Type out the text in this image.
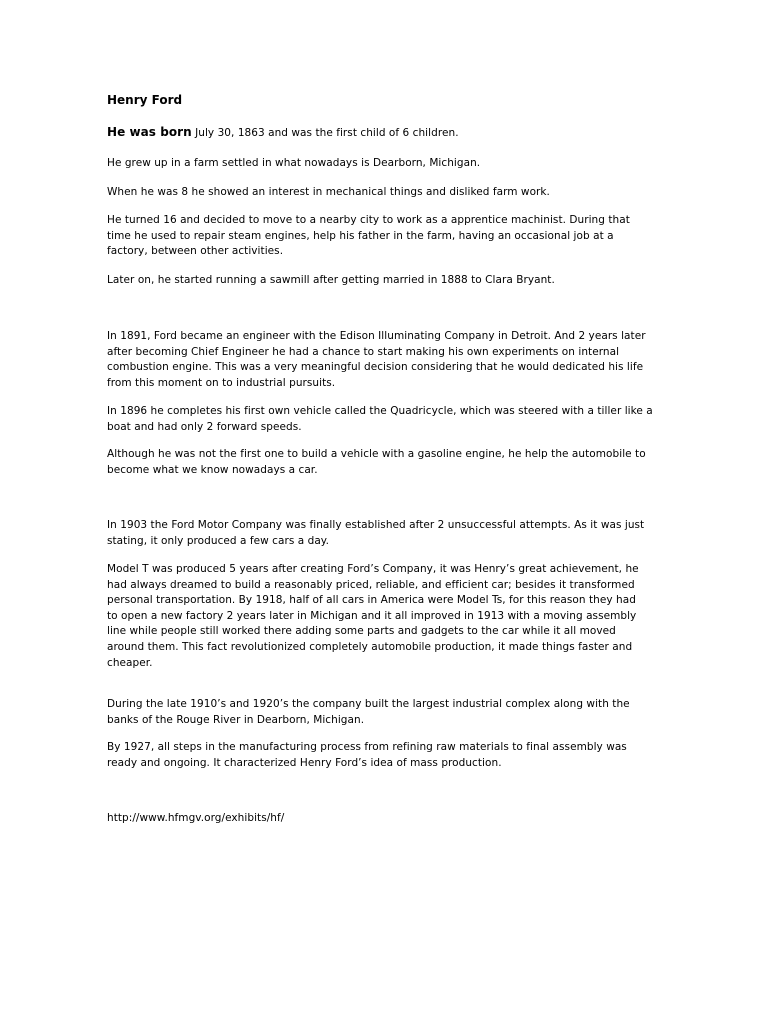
Henry Ford

He was born July 30, 1863 and was the first child of 6 children.

He grew up in a farm settled in what nowadays is Dearborn, Michigan.

When he was 8 he showed an interest in mechanical things and disliked farm work.

He turned 16 and decided to move to a nearby city to work as a apprentice machinist. During that time he used to repair steam engines, help his father in the farm, having an occasional job at a factory, between other activities.

Later on, he started running a sawmill after getting married in 1888 to Clara Bryant.

In 1891, Ford became an engineer with the Edison Illuminating Company in Detroit. And 2 years later after becoming Chief Engineer he had a chance to start making his own experiments on internal combustion engine. This was a very meaningful decision considering that he would dedicated his life from this moment on to industrial pursuits.

In 1896 he completes his first own vehicle called the Quadricycle, which was steered with a tiller like a boat and had only 2 forward speeds.

Although he was not the first one to build a vehicle with a gasoline engine, he help the automobile to become what we know nowadays a car.

In 1903 the Ford Motor Company was finally established after 2 unsuccessful attempts. As it was just stating, it only produced a few cars a day.

Model T was produced 5 years after creating Ford’s Company, it was Henry’s great achievement, he had always dreamed to build a reasonably priced, reliable, and efficient car; besides it transformed personal transportation. By 1918, half of all cars in America were Model Ts, for this reason they had to open a new factory 2 years later in Michigan and it all improved in 1913 with a moving assembly line while people still worked there adding some parts and gadgets to the car while it all moved around them. This fact revolutionized completely automobile production, it made things faster and cheaper.

During the late 1910’s and 1920’s the company built the largest industrial complex along with the banks of the Rouge River in Dearborn, Michigan.

By 1927, all steps in the manufacturing process from refining raw materials to final assembly was ready and ongoing. It characterized Henry Ford’s idea of mass production.

http://www.hfmgv.org/exhibits/hf/
